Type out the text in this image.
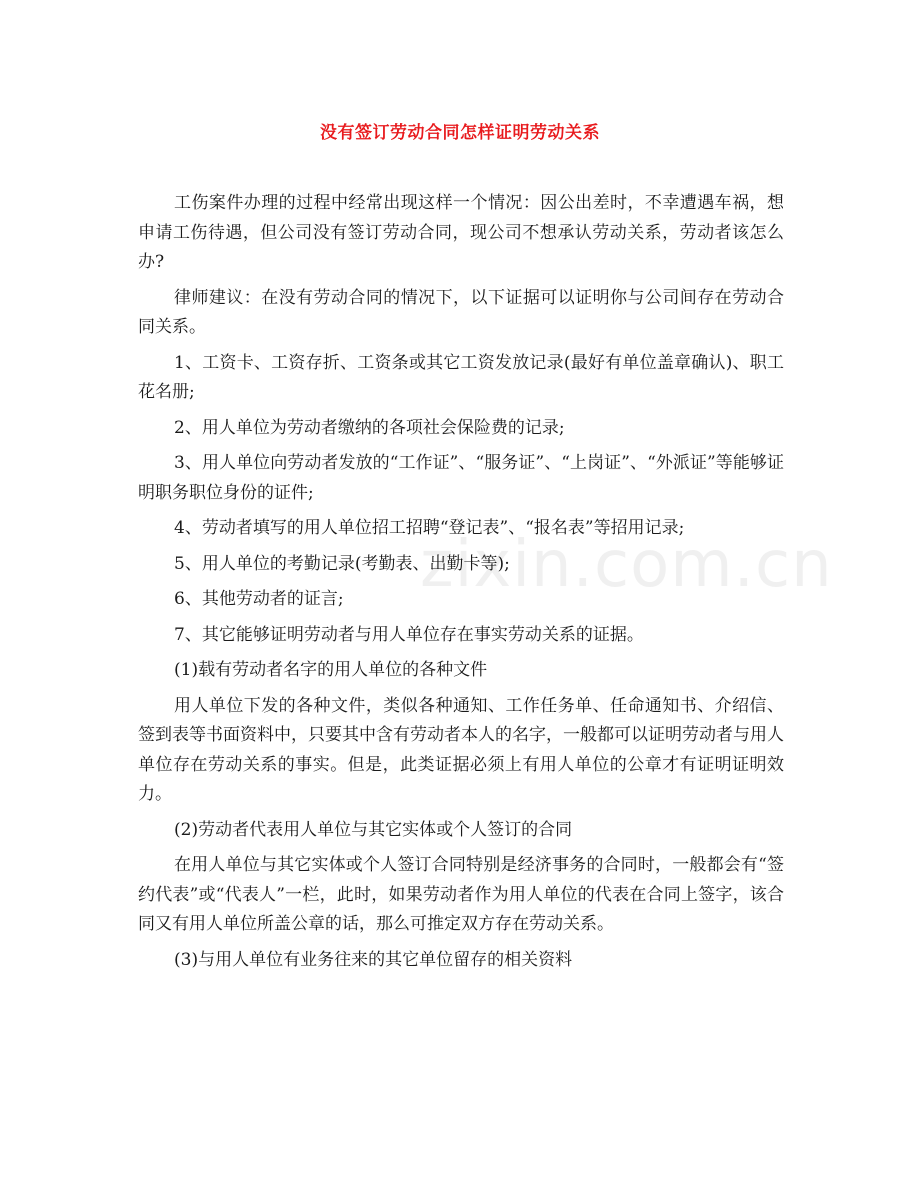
没有签订劳动合同怎样证明劳动关系
zixin.com.cn

工伤案件办理的过程中经常出现这样一个情况：因公出差时，不幸遭遇车祸，想申请工伤待遇，但公司没有签订劳动合同，现公司不想承认劳动关系，劳动者该怎么办?

律师建议：在没有劳动合同的情况下，以下证据可以证明你与公司间存在劳动合同关系。

1、工资卡、工资存折、工资条或其它工资发放记录(最好有单位盖章确认)、职工花名册;

2、用人单位为劳动者缴纳的各项社会保险费的记录;

3、用人单位向劳动者发放的“工作证”、“服务证”、“上岗证”、“外派证”等能够证明职务职位身份的证件;

4、劳动者填写的用人单位招工招聘“登记表”、“报名表”等招用记录;

5、用人单位的考勤记录(考勤表、出勤卡等);

6、其他劳动者的证言;

7、其它能够证明劳动者与用人单位存在事实劳动关系的证据。

(1)载有劳动者名字的用人单位的各种文件

用人单位下发的各种文件，类似各种通知、工作任务单、任命通知书、介绍信、签到表等书面资料中，只要其中含有劳动者本人的名字，一般都可以证明劳动者与用人单位存在劳动关系的事实。但是，此类证据必须上有用人单位的公章才有证明证明效力。

(2)劳动者代表用人单位与其它实体或个人签订的合同

在用人单位与其它实体或个人签订合同特别是经济事务的合同时，一般都会有“签约代表”或“代表人”一栏，此时，如果劳动者作为用人单位的代表在合同上签字，该合同又有用人单位所盖公章的话，那么可推定双方存在劳动关系。

(3)与用人单位有业务往来的其它单位留存的相关资料
